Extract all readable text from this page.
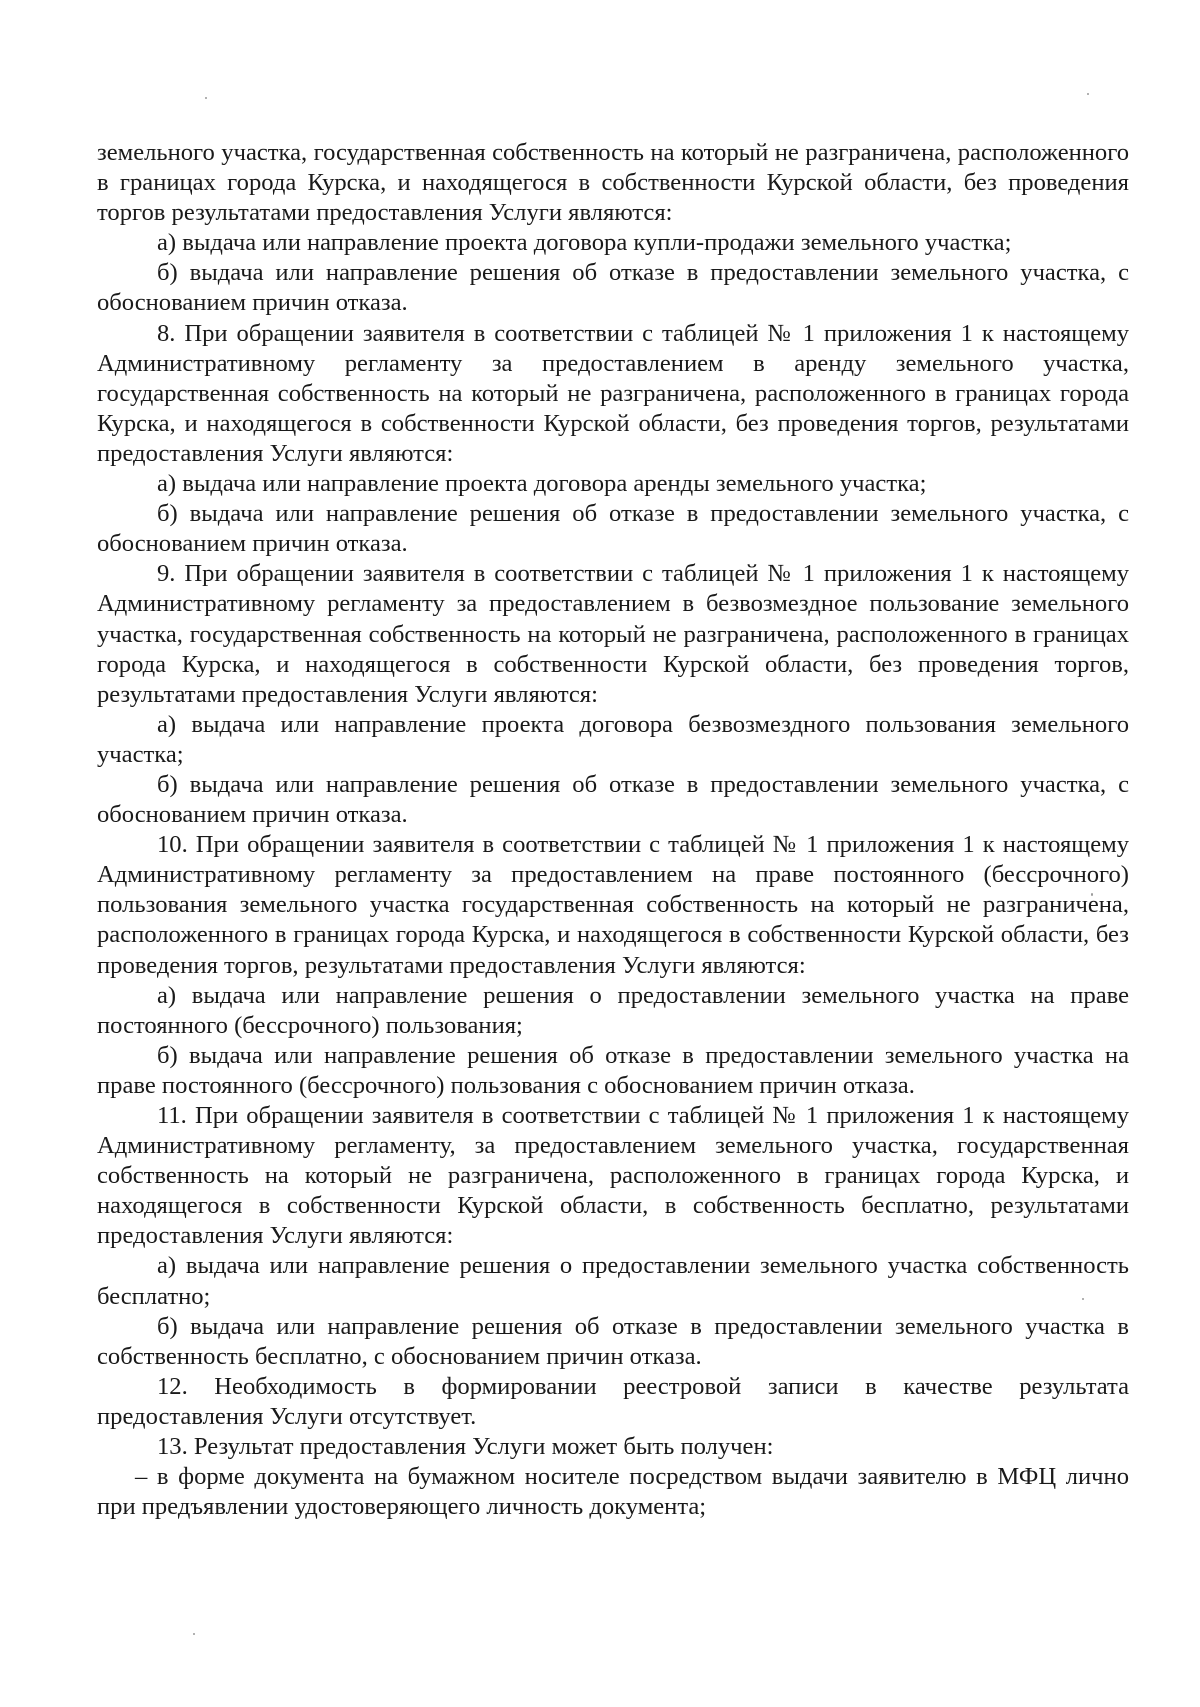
земельного участка, государственная собственность на который не разграничена, расположенного в границах города Курска, и находящегося в собственности Курской области, без проведения торгов результатами предоставления Услуги являются:

а) выдача или направление проекта договора купли-продажи земельного участка;

б) выдача или направление решения об отказе в предоставлении земельного участка, с обоснованием причин отказа.

8. При обращении заявителя в соответствии с таблицей № 1 приложения 1 к настоящему Административному регламенту за предоставлением в аренду земельного участка, государственная собственность на который не разграничена, расположенного в границах города Курска, и находящегося в собственности Курской области, без проведения торгов, результатами предоставления Услуги являются:

а) выдача или направление проекта договора аренды земельного участка;

б) выдача или направление решения об отказе в предоставлении земельного участка, с обоснованием причин отказа.

9. При обращении заявителя в соответствии с таблицей № 1 приложения 1 к настоящему Административному регламенту за предоставлением в безвозмездное пользование земельного участка, государственная собственность на который не разграничена, расположенного в границах города Курска, и находящегося в собственности Курской области, без проведения торгов, результатами предоставления Услуги являются:

а) выдача или направление проекта договора безвозмездного пользования земельного участка;

б) выдача или направление решения об отказе в предоставлении земельного участка, с обоснованием причин отказа.

10. При обращении заявителя в соответствии с таблицей № 1 приложения 1 к настоящему Административному регламенту за предоставлением на праве постоянного (бессрочного) пользования земельного участка государственная собственность на который не разграничена, расположенного в границах города Курска, и находящегося в собственности Курской области, без проведения торгов, результатами предоставления Услуги являются:

а) выдача или направление решения о предоставлении земельного участка на праве постоянного (бессрочного) пользования;

б) выдача или направление решения об отказе в предоставлении земельного участка на праве постоянного (бессрочного) пользования с обоснованием причин отказа.

11. При обращении заявителя в соответствии с таблицей № 1 приложения 1 к настоящему Административному регламенту, за предоставлением земельного участка, государственная собственность на который не разграничена, расположенного в границах города Курска, и находящегося в собственности Курской области, в собственность бесплатно, результатами предоставления Услуги являются:

а) выдача или направление решения о предоставлении земельного участка собственность бесплатно;

б) выдача или направление решения об отказе в предоставлении земельного участка в собственность бесплатно, с обоснованием причин отказа.

12. Необходимость в формировании реестровой записи в качестве результата предоставления Услуги отсутствует.

13. Результат предоставления Услуги может быть получен:

– в форме документа на бумажном носителе посредством выдачи заявителю в МФЦ лично при предъявлении удостоверяющего личность документа;
